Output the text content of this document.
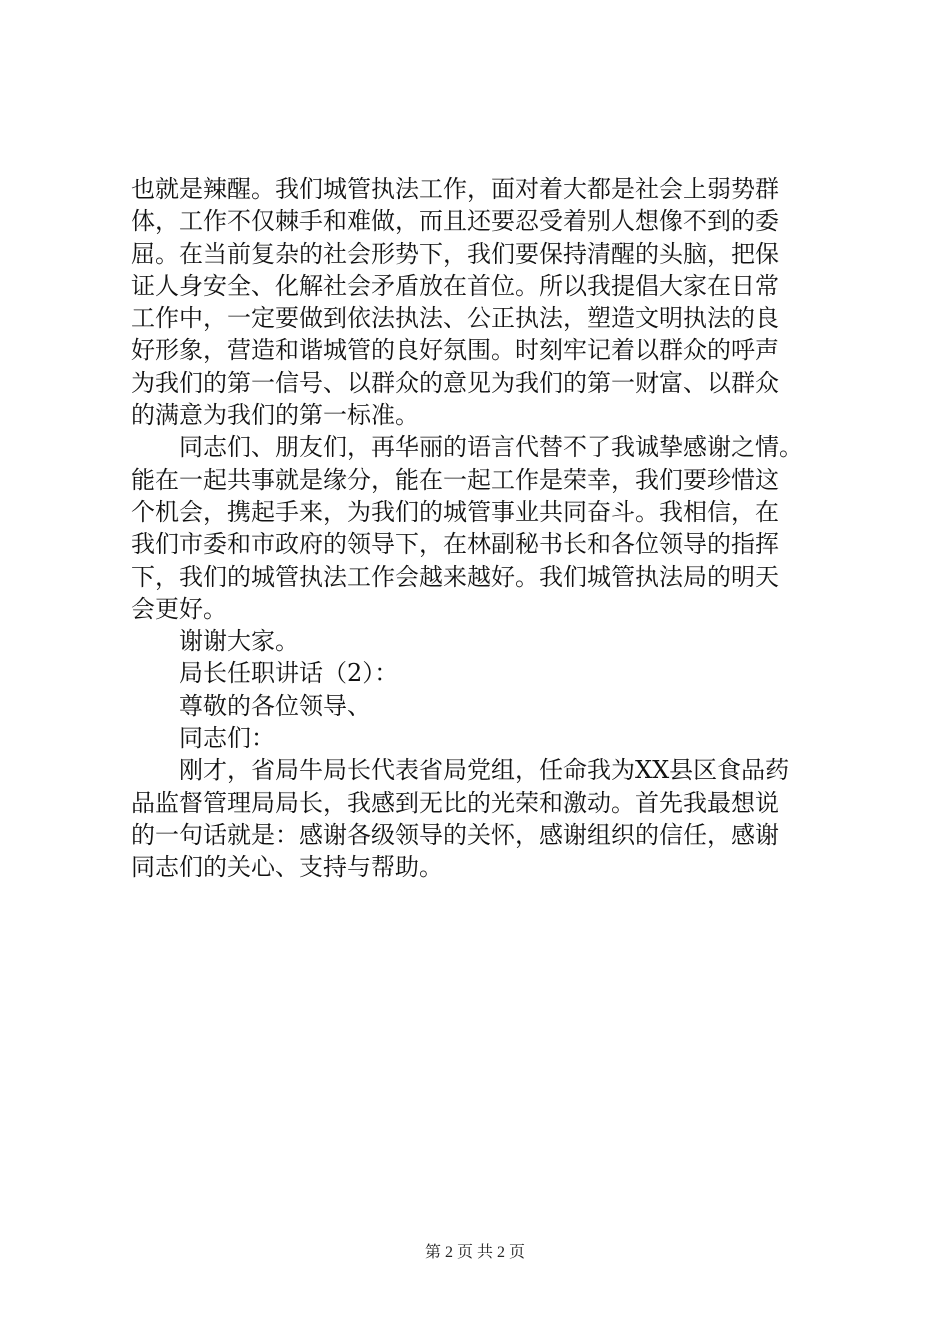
也就是辣醒。我们城管执法工作，面对着大都是社会上弱势群
体，工作不仅棘手和难做，而且还要忍受着别人想像不到的委
屈。在当前复杂的社会形势下，我们要保持清醒的头脑，把保
证人身安全、化解社会矛盾放在首位。所以我提倡大家在日常
工作中，一定要做到依法执法、公正执法，塑造文明执法的良
好形象，营造和谐城管的良好氛围。时刻牢记着以群众的呼声
为我们的第一信号、以群众的意见为我们的第一财富、以群众
的满意为我们的第一标准。
同志们、朋友们，再华丽的语言代替不了我诚挚感谢之情。
能在一起共事就是缘分，能在一起工作是荣幸，我们要珍惜这
个机会，携起手来，为我们的城管事业共同奋斗。我相信，在
我们市委和市政府的领导下，在林副秘书长和各位领导的指挥
下，我们的城管执法工作会越来越好。我们城管执法局的明天
会更好。
谢谢大家。
局长任职讲话（2）：
尊敬的各位领导、
同志们：
刚才，省局牛局长代表省局党组，任命我为XX县区食品药
品监督管理局局长，我感到无比的光荣和激动。首先我最想说
的一句话就是：感谢各级领导的关怀，感谢组织的信任，感谢
同志们的关心、支持与帮助。
第 2 页 共 2 页
